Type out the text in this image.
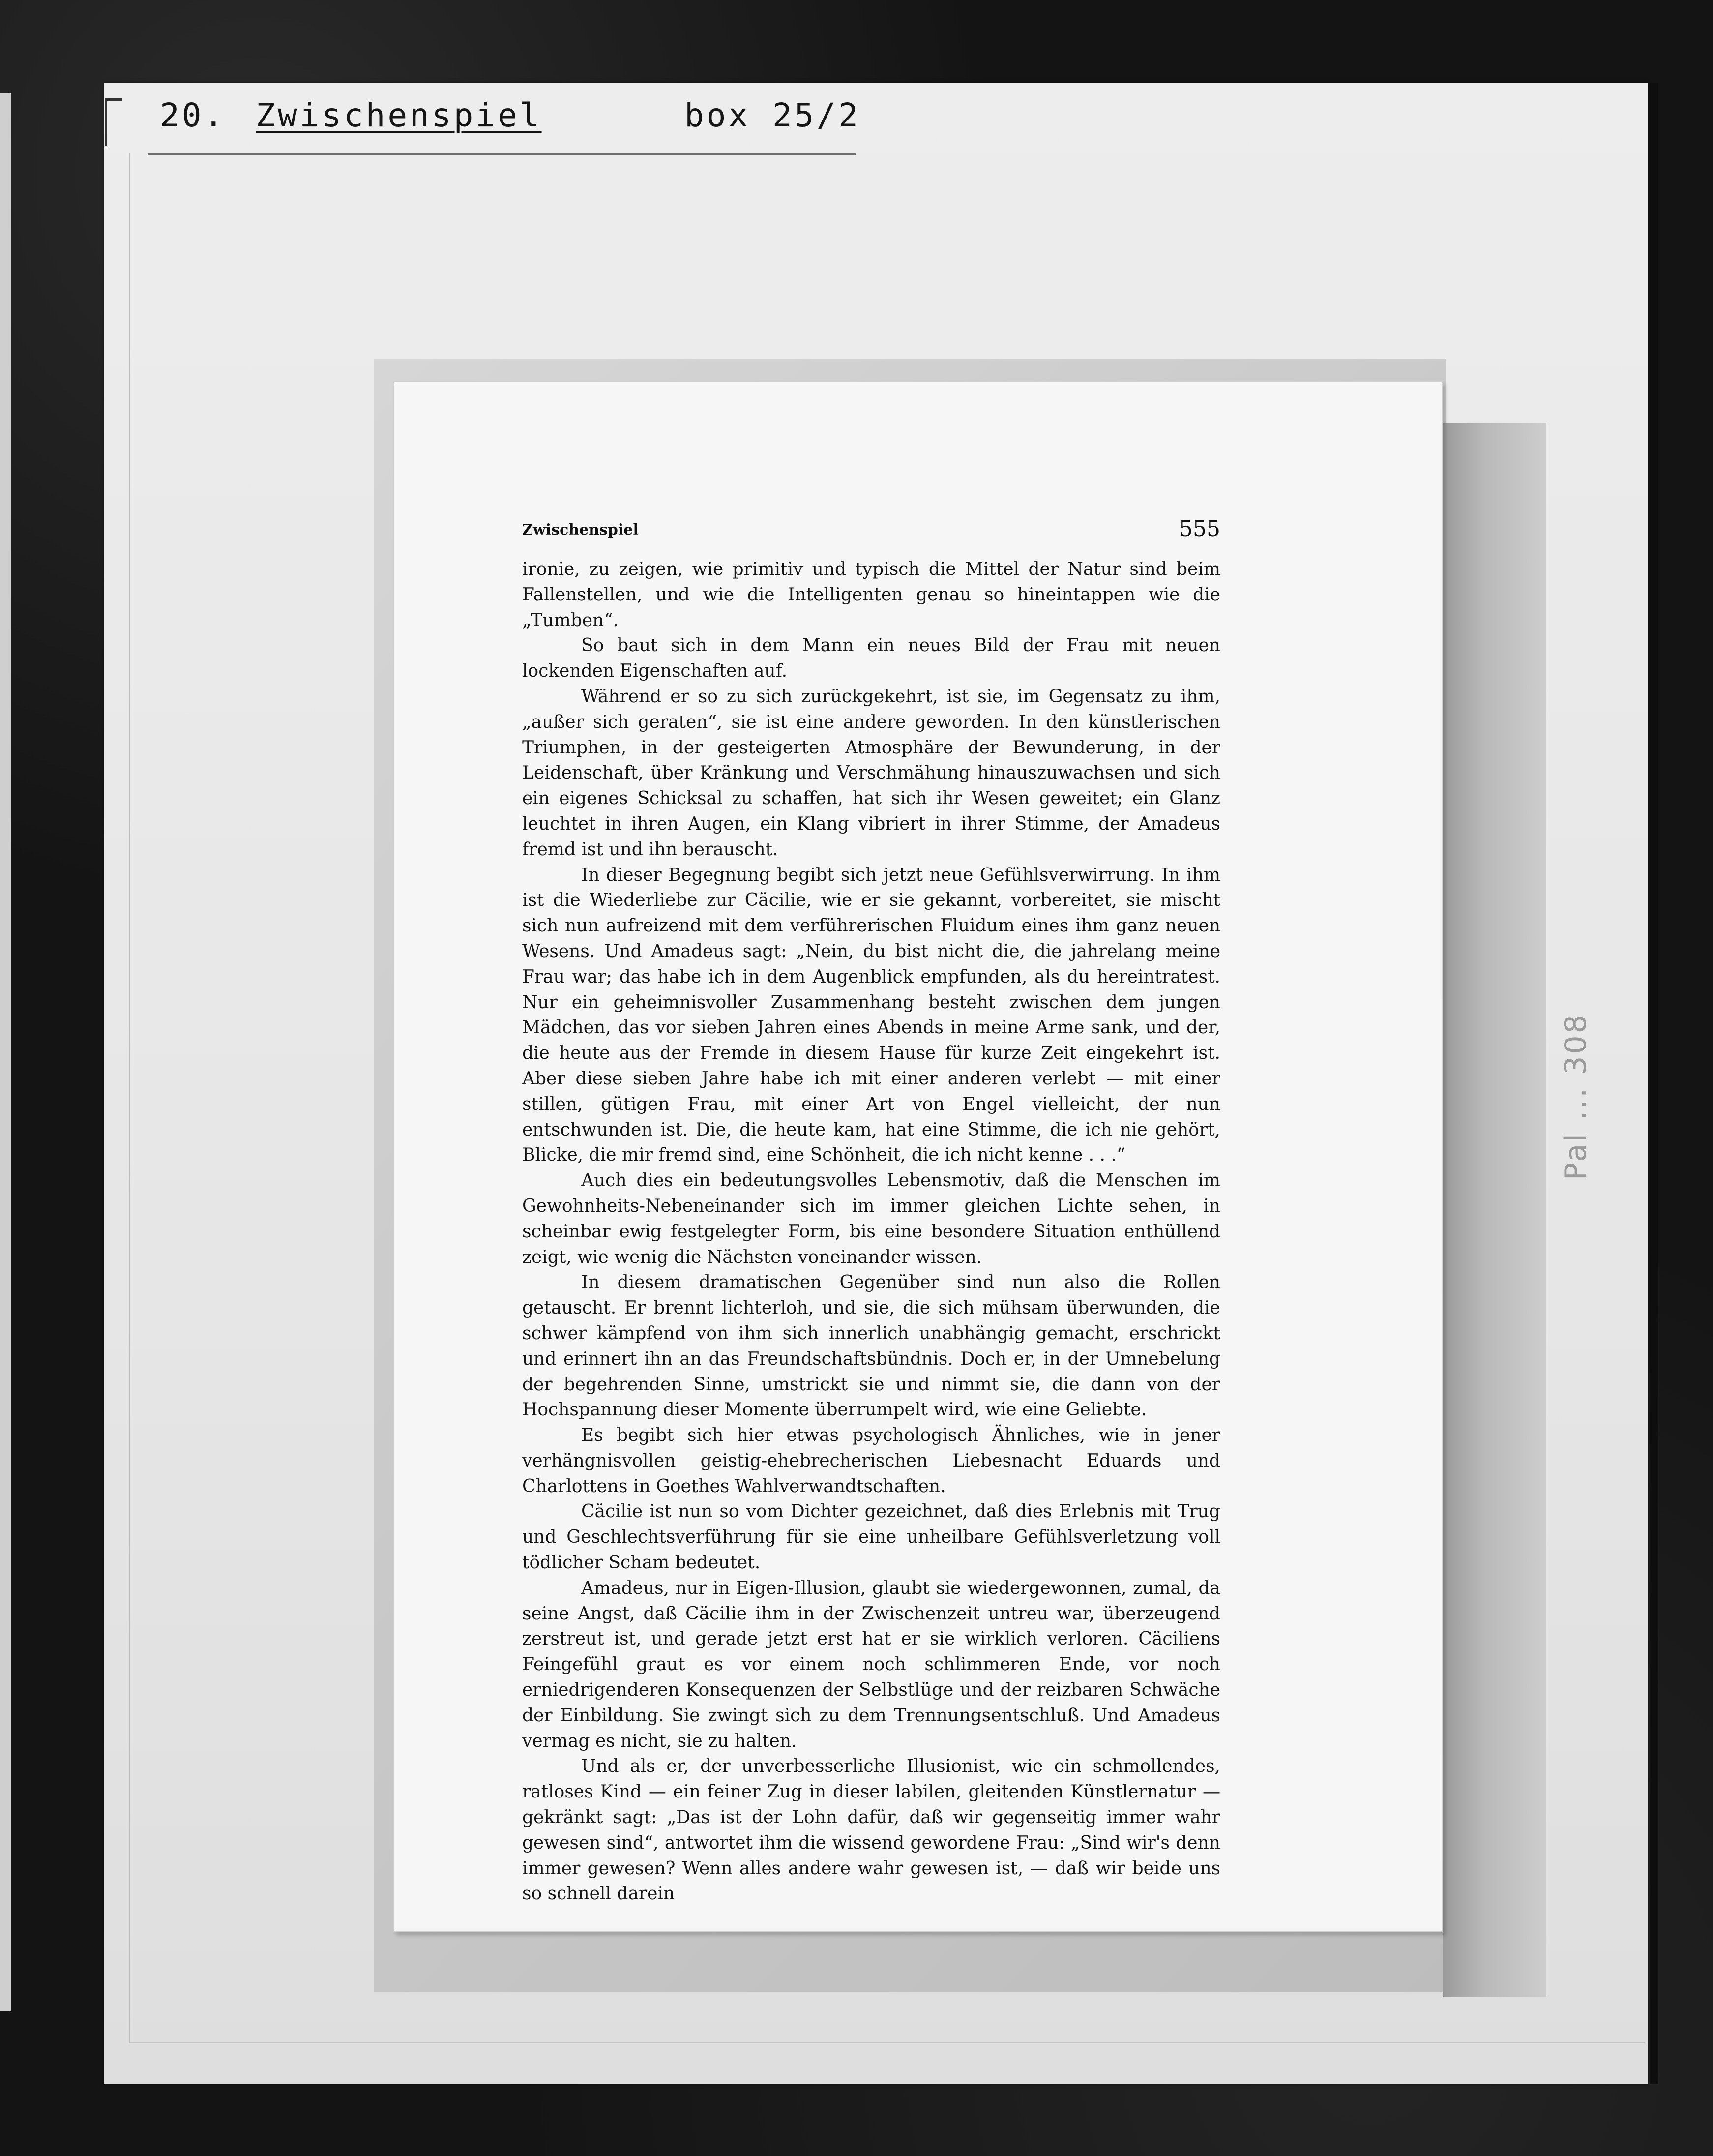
20. Zwischenspiel	box 25/2
Pal ... 308
Zwischenspiel	555

ironie, zu zeigen, wie primitiv und typisch die Mittel der Natur sind beim Fallenstellen, und wie die Intelligenten genau so hineintappen wie die „Tumben“.

So baut sich in dem Mann ein neues Bild der Frau mit neuen lockenden Eigenschaften auf.

Während er so zu sich zurückgekehrt, ist sie, im Gegensatz zu ihm, „außer sich geraten“, sie ist eine andere geworden. In den künstlerischen Triumphen, in der gesteigerten Atmosphäre der Bewunderung, in der Leidenschaft, über Kränkung und Verschmähung hinauszuwachsen und sich ein eigenes Schicksal zu schaffen, hat sich ihr Wesen geweitet; ein Glanz leuchtet in ihren Augen, ein Klang vibriert in ihrer Stimme, der Amadeus fremd ist und ihn berauscht.

In dieser Begegnung begibt sich jetzt neue Gefühlsverwirrung. In ihm ist die Wiederliebe zur Cäcilie, wie er sie gekannt, vorbereitet, sie mischt sich nun aufreizend mit dem verführerischen Fluidum eines ihm ganz neuen Wesens. Und Amadeus sagt: „Nein, du bist nicht die, die jahrelang meine Frau war; das habe ich in dem Augenblick empfunden, als du hereintratest. Nur ein geheimnisvoller Zusammenhang besteht zwischen dem jungen Mädchen, das vor sieben Jahren eines Abends in meine Arme sank, und der, die heute aus der Fremde in diesem Hause für kurze Zeit eingekehrt ist. Aber diese sieben Jahre habe ich mit einer anderen verlebt — mit einer stillen, gütigen Frau, mit einer Art von Engel vielleicht, der nun entschwunden ist. Die, die heute kam, hat eine Stimme, die ich nie gehört, Blicke, die mir fremd sind, eine Schönheit, die ich nicht kenne . . .“

Auch dies ein bedeutungsvolles Lebensmotiv, daß die Menschen im Gewohnheits-Nebeneinander sich im immer gleichen Lichte sehen, in scheinbar ewig festgelegter Form, bis eine besondere Situation enthüllend zeigt, wie wenig die Nächsten voneinander wissen.

In diesem dramatischen Gegenüber sind nun also die Rollen getauscht. Er brennt lichterloh, und sie, die sich mühsam überwunden, die schwer kämpfend von ihm sich innerlich unabhängig gemacht, erschrickt und erinnert ihn an das Freundschaftsbündnis. Doch er, in der Umnebelung der begehrenden Sinne, umstrickt sie und nimmt sie, die dann von der Hochspannung dieser Momente überrumpelt wird, wie eine Geliebte.

Es begibt sich hier etwas psychologisch Ähnliches, wie in jener verhängnisvollen geistig-ehebrecherischen Liebesnacht Eduards und Charlottens in Goethes Wahlverwandtschaften.

Cäcilie ist nun so vom Dichter gezeichnet, daß dies Erlebnis mit Trug und Geschlechtsverführung für sie eine unheilbare Gefühlsverletzung voll tödlicher Scham bedeutet.

Amadeus, nur in Eigen-Illusion, glaubt sie wiedergewonnen, zumal, da seine Angst, daß Cäcilie ihm in der Zwischenzeit untreu war, überzeugend zerstreut ist, und gerade jetzt erst hat er sie wirklich verloren. Cäciliens Feingefühl graut es vor einem noch schlimmeren Ende, vor noch erniedrigenderen Konsequenzen der Selbstlüge und der reizbaren Schwäche der Einbildung. Sie zwingt sich zu dem Trennungsentschluß. Und Amadeus vermag es nicht, sie zu halten.

Und als er, der unverbesserliche Illusionist, wie ein schmollendes, ratloses Kind — ein feiner Zug in dieser labilen, gleitenden Künstlernatur — gekränkt sagt: „Das ist der Lohn dafür, daß wir gegenseitig immer wahr gewesen sind“, antwortet ihm die wissend gewordene Frau: „Sind wir's denn immer gewesen? Wenn alles andere wahr gewesen ist, — daß wir beide uns so schnell darein
